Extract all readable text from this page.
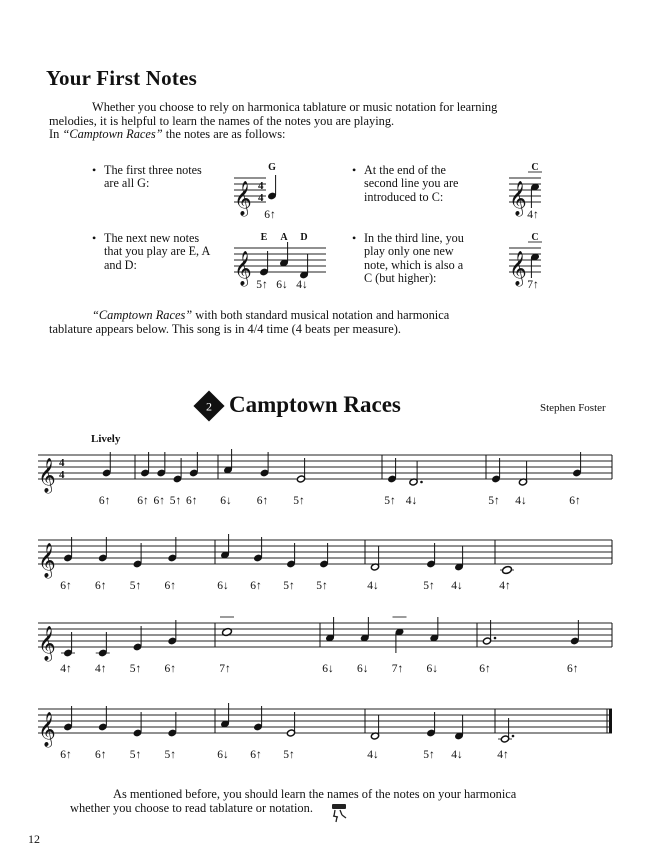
Your First Notes
Whether you choose to rely on harmonica tablature or music notation for learning
melodies, it is helpful to learn the names of the notes you are playing.
In “Camptown Races” the notes are as follows:
• The first three notes
are all G:
• At the end of the
second line you are
introduced to C:
• The next new notes
that you play are E, A
and D:
• In the third line, you
play only one new
note, which is also a
C (but higher):
𝄞 4
4
G
6↑	𝄞
C
4↑
𝄞
E
5↑
A
6↓
D
4↓	𝄞
C
7↑
“Camptown Races” with both standard musical notation and harmonica
tablature appears below. This song is in 4/4 time (4 beats per measure).
2 Camptown Races	Stephen Foster
Lively
𝄞 4
4
6↑ 6↑ 6↑ 5↑ 6↑ 6↓ 6↑ 5↑	5↑ 4↓	5↑ 4↓	6↑
𝄞
6↑ 6↑ 5↑ 6↑	6↓ 6↑ 5↑ 5↑	4↓	5↑ 4↓	4↑
𝄞
4↑ 4↑ 5↑ 6↑	7↑	6↓ 6↓ 7↑ 6↓	6↑	6↑
𝄞
6↑ 6↑ 5↑ 5↑	6↓ 6↑ 5↑	4↓	5↑ 4↓	4↑
As mentioned before, you should learn the names of the notes on your harmonica
whether you choose to read tablature or notation.
12
